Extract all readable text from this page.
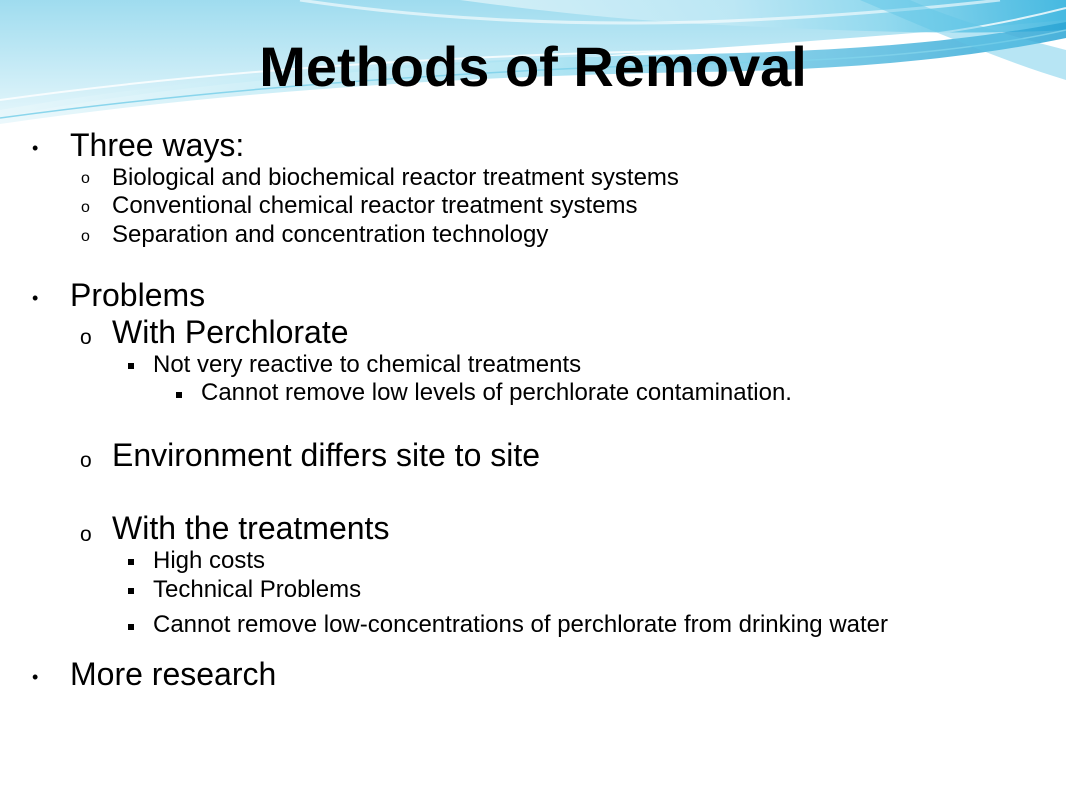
Methods of Removal
• Three ways:
o Biological and biochemical reactor treatment systems
o Conventional chemical reactor treatment systems
o Separation and concentration technology
• Problems
o With Perchlorate
Not very reactive to chemical treatments
Cannot remove low levels of perchlorate contamination.
o Environment differs site to site
o With the treatments
High costs
Technical Problems
Cannot remove low-concentrations of perchlorate from drinking water
• More research
